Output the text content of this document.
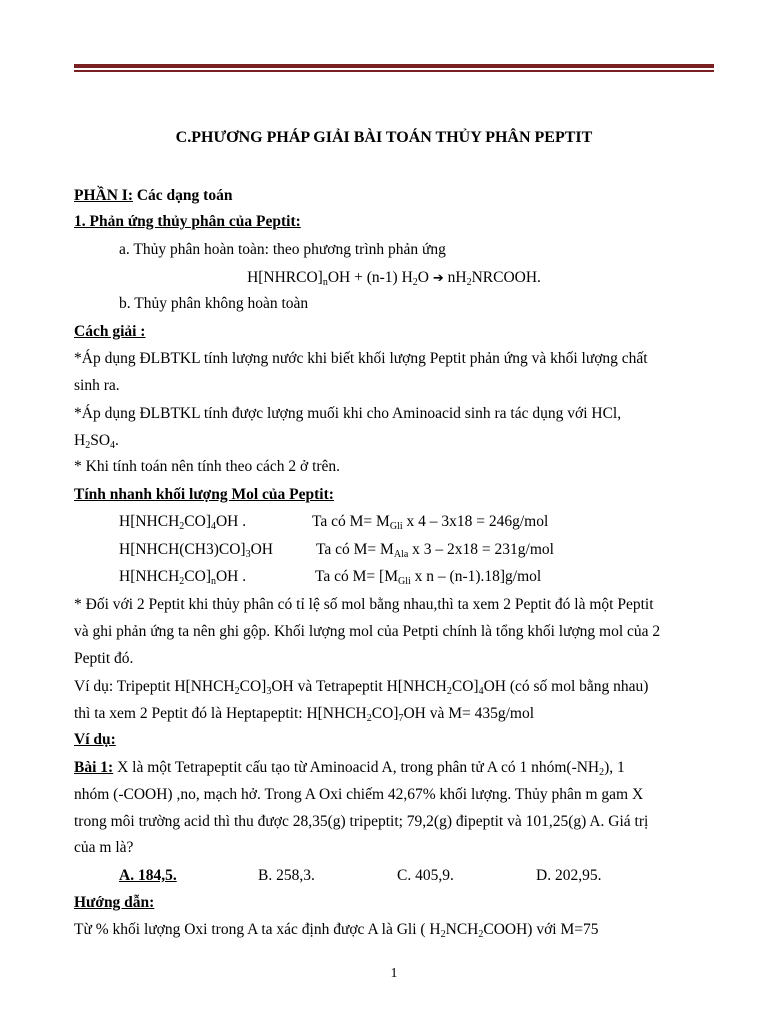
C.PHƯƠNG PHÁP GIẢI BÀI TOÁN THỦY PHÂN PEPTIT
PHẦN I: Các dạng toán
1. Phản ứng thủy phân của Peptit:
a. Thủy phân hoàn toàn: theo phương trình phản ứng
$H[NHRCO]_nOH + (n-1)$ $H_2O$ ➔ $nH_2NRCOOH$.
b. Thủy phân không hoàn toàn
Cách giải :
*Áp dụng ĐLBTKL tính lượng nước khi biết khối lượng Peptit phản ứng và khối lượng chất
sinh ra.
*Áp dụng ĐLBTKL tính được lượng muối khi cho Aminoacid sinh ra tác dụng với HCl,
$H_2SO_4$.
* Khi tính toán nên tính theo cách 2 ở trên.
Tính nhanh khối lượng Mol của Peptit:
$H[NHCH_2CO]_4OH$ .	Ta có $M= M_{Gli}$ x 4 – 3x18 = 246g/mol
$H[NHCH(CH3)CO]_3OH$	Ta có $M= M_{Ala}$ x 3 – 2x18 = 231g/mol
$H[NHCH_2CO]_nOH$ .	Ta có $M= [M_{Gli}$ x n – (n-1).18]g/mol
* Đối với 2 Peptit khi thủy phân có tỉ lệ số mol bằng nhau,thì ta xem 2 Peptit đó là một Peptit
và ghi phản ứng ta nên ghi gộp. Khối lượng mol của Petpti chính là tổng khối lượng mol của 2
Peptit đó.
Ví dụ: Tripeptit $H[NHCH_2CO]_3OH$ và Tetrapeptit $H[NHCH_2CO]_4OH$ (có số mol bằng nhau)
thì ta xem 2 Peptit đó là Heptapeptit: $H[NHCH_2CO]_7OH$ và M= 435g/mol
Ví dụ:
Bài 1: X là một Tetrapeptit cấu tạo từ Aminoacid A, trong phân tử A có 1 $nhóm(-NH_2)$, 1
nhóm (-COOH) ,no, mạch hở. Trong A Oxi chiếm 42,67% khối lượng. Thủy phân m gam X
trong môi trường acid thì thu được 28,35(g) tripeptit; 79,2(g) đipeptit và 101,25(g) A. Giá trị
của m là?
A. 184,5.	B. 258,3.	C. 405,9.	D. 202,95.
Hướng dẫn:
Từ % khối lượng Oxi trong A ta xác định được A là Gli ( $H_2NCH_2COOH$) với M=75
1
